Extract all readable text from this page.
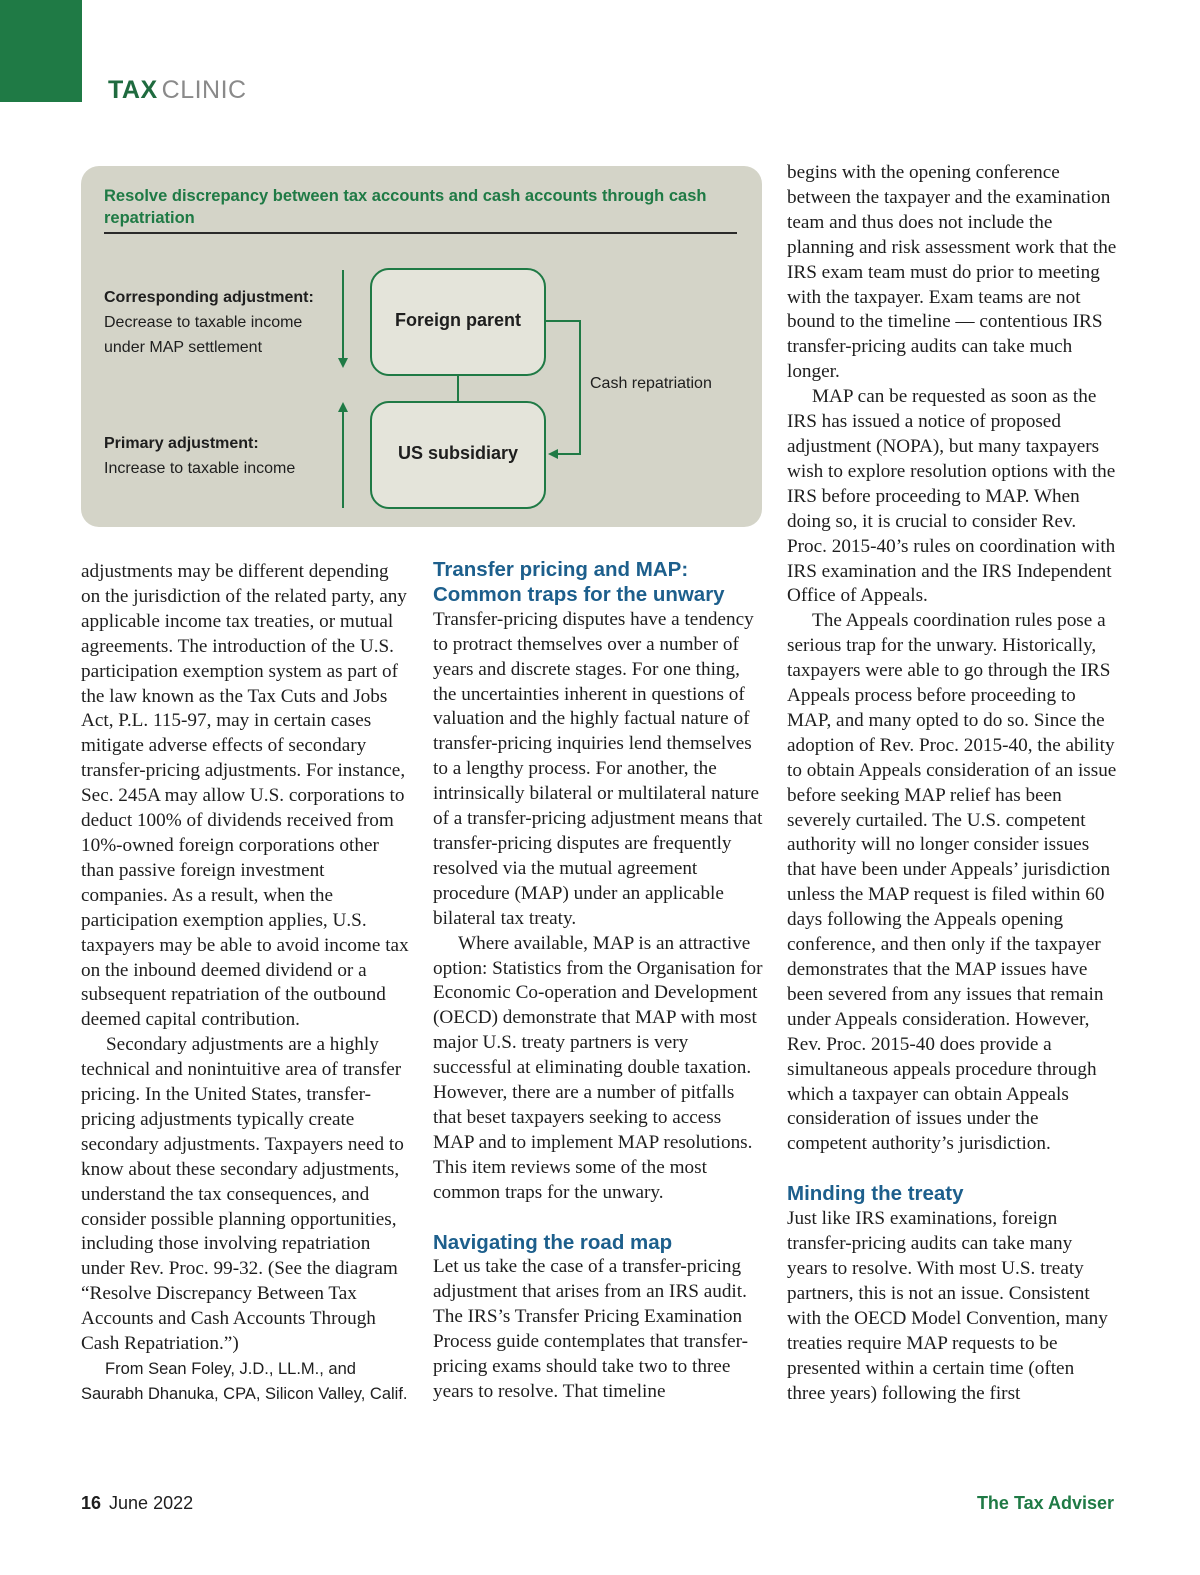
TAX CLINIC
Resolve discrepancy between tax accounts and cash accounts through cash repatriation
Corresponding adjustment:
Decrease to taxable income
under MAP settlement
Primary adjustment:
Increase to taxable income
Foreign parent
US subsidiary
Cash repatriation

adjustments may be different depending on the jurisdiction of the related party, any applicable income tax treaties, or mutual agreements. The introduction of the U.S. participation exemption system as part of the law known as the Tax Cuts and Jobs Act, P.L. 115-97, may in certain cases mitigate adverse effects of secondary transfer-pricing adjustments. For instance, Sec. 245A may allow U.S. corporations to deduct 100% of dividends received from 10%-owned foreign corporations other than passive foreign investment companies. As a result, when the participation exemption applies, U.S. taxpayers may be able to avoid income tax on the inbound deemed dividend or a subsequent repatriation of the outbound deemed capital contribution.

Secondary adjustments are a highly technical and nonintuitive area of transfer pricing. In the United States, transfer-pricing adjustments typically create secondary adjustments. Taxpayers need to know about these secondary adjustments, understand the tax consequences, and consider possible planning opportunities, including those involving repatriation under Rev. Proc. 99-32. (See the diagram “Resolve Discrepancy Between Tax Accounts and Cash Accounts Through Cash Repatriation.”)

From Sean Foley, J.D., LL.M., and
Saurabh Dhanuka, CPA, Silicon Valley, Calif.

Transfer pricing and MAP: Common traps for the unwary

Transfer-pricing disputes have a tendency to protract themselves over a number of years and discrete stages. For one thing, the uncertainties inherent in questions of valuation and the highly factual nature of transfer-pricing inquiries lend themselves to a lengthy process. For another, the intrinsically bilateral or multilateral nature of a transfer-pricing adjustment means that transfer-pricing disputes are frequently resolved via the mutual agreement procedure (MAP) under an applicable bilateral tax treaty.

Where available, MAP is an attractive option: Statistics from the Organisation for Economic Co-operation and Development (OECD) demonstrate that MAP with most major U.S. treaty partners is very successful at eliminating double taxation. However, there are a number of pitfalls that beset taxpayers seeking to access MAP and to implement MAP resolutions. This item reviews some of the most common traps for the unwary.

Navigating the road map

Let us take the case of a transfer-pricing adjustment that arises from an IRS audit. The IRS’s Transfer Pricing Examination Process guide contemplates that transfer-pricing exams should take two to three years to resolve. That timeline

begins with the opening conference between the taxpayer and the examination team and thus does not include the planning and risk assessment work that the IRS exam team must do prior to meeting with the taxpayer. Exam teams are not bound to the timeline — contentious IRS transfer-pricing audits can take much longer.

MAP can be requested as soon as the IRS has issued a notice of proposed adjustment (NOPA), but many taxpayers wish to explore resolution options with the IRS before proceeding to MAP. When doing so, it is crucial to consider Rev. Proc. 2015-40’s rules on coordination with IRS examination and the IRS Independent Office of Appeals.

The Appeals coordination rules pose a serious trap for the unwary. Historically, taxpayers were able to go through the IRS Appeals process before proceeding to MAP, and many opted to do so. Since the adoption of Rev. Proc. 2015-40, the ability to obtain Appeals consideration of an issue before seeking MAP relief has been severely curtailed. The U.S. competent authority will no longer consider issues that have been under Appeals’ jurisdiction unless the MAP request is filed within 60 days following the Appeals opening conference, and then only if the taxpayer demonstrates that the MAP issues have been severed from any issues that remain under Appeals consideration. However, Rev. Proc. 2015-40 does provide a simultaneous appeals procedure through which a taxpayer can obtain Appeals consideration of issues under the competent authority’s jurisdiction.

Minding the treaty

Just like IRS examinations, foreign transfer-pricing audits can take many years to resolve. With most U.S. treaty partners, this is not an issue. Consistent with the OECD Model Convention, many treaties require MAP requests to be presented within a certain time (often three years) following the first

16 June 2022	The Tax Adviser
